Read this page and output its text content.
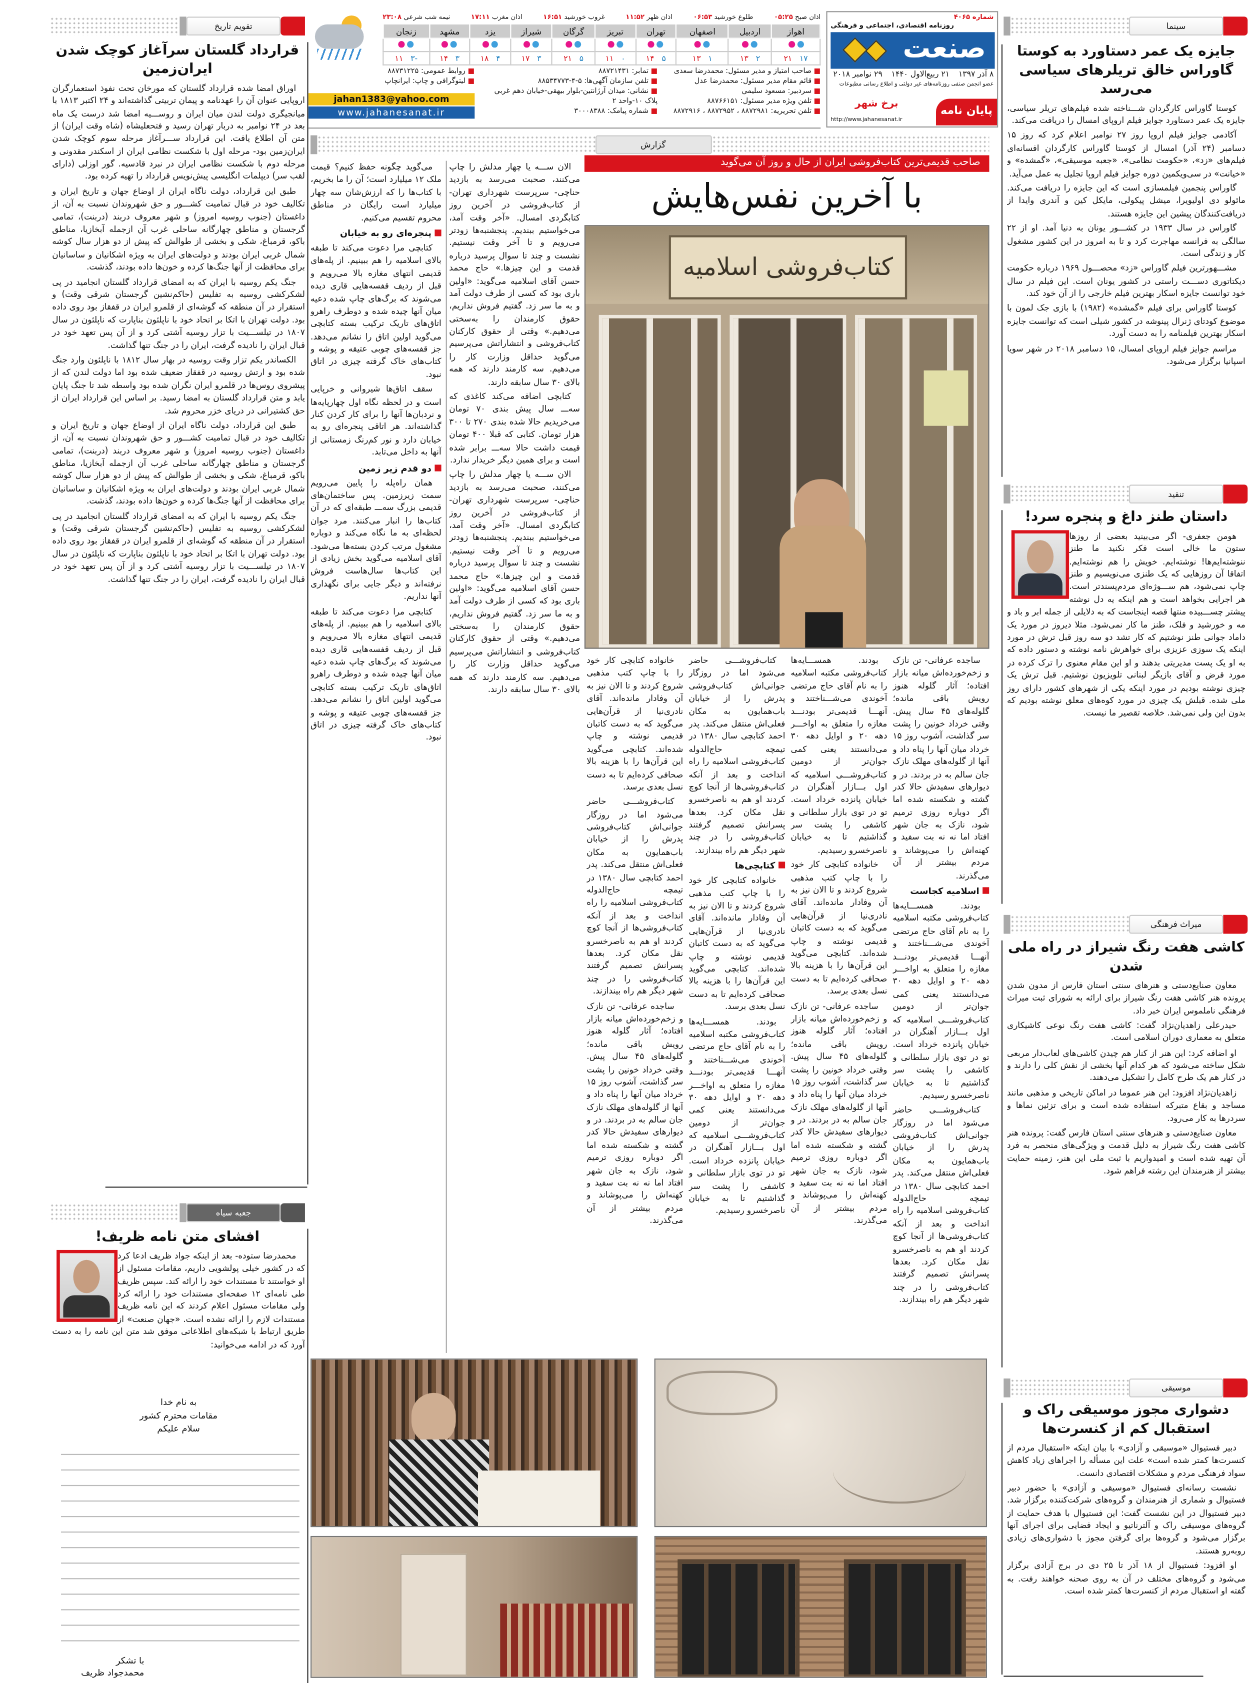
سینما
جایزه یک عمر دستاورد به کوستا گاوراس خالق تریلرهای سیاسی می‌رسد

کوستا گاوراس کارگردان شـــناخته شده فیلم‌های تریلر سیاسی، جایزه یک عمر دستاورد جوایز فیلم اروپای امسال را دریافت می‌کند.

آکادمی جوایز فیلم اروپا روز ۲۷ نوامبر اعلام کرد که روز ۱۵ دسامبر (۲۴ آذر) امسال از کوستا گاوراس کارگردان افسانه‌ای فیلم‌های «زد»، «حکومت نظامی»، «جعبه موسیقی»، «گمشده» و «خیانت» در سی‌ویکمین دوره جوایز فیلم اروپا تجلیل به عمل می‌آید.

گاوراس پنجمین فیلمسازی است که این جایزه را دریافت می‌کند. مائولو دی اولیویرا، میشل پیکولی، مایکل کین و آندری وایدا از دریافت‌کنندگان پیشین این جایزه هستند.

گاوراس در سال ۱۹۳۳ در کشـــور یونان به دنیا آمد. او از ۲۲ سالگی به فرانسه مهاجرت کرد و تا به امروز در این کشور مشغول کار و زندگی است.

مشـــهورترین فیلم گاوراس «زد» محصـــول ۱۹۶۹ درباره حکومت دیکتاتوری دســـت راستی در کشور یونان است. این فیلم در سال خود توانست جایزه اسکار بهترین فیلم خارجی را از آن خود کند.

کوستا گاوراس برای فیلم «گمشده» (۱۹۸۲) با بازی جک لمون با موضوع کودتای ژنرال پینوشه در کشور شیلی است که توانست جایزه اسکار بهترین فیلمنامه را به دست آورد.

مراسم جوایز فیلم اروپای امسال، ۱۵ دسامبر ۲۰۱۸ در شهر سویا اسپانیا برگزار می‌شود.

تنقید
داستان طنز داغ و پنجره سرد!

هومن جعفری- اگر می‌بینید بعضی از روزها ستون ما خالی است فکر نکنید ما طنز ننوشته‌ایم‌ها! نوشته‌ایم. خویش را هم نوشته‌ایم. اتفاقا آن روزهایی که یک طنزی می‌نویسیم و طنز چاپ نمی‌شود، هم ســـوژه‌ای مردم‌پسندتر است. هر اجرایی بخواهد است و هم اینکه یه دل نوشته پیشتر چســـبیده منتها قصه اینجاست که به دلایلی از جمله ابر و باد و مه و خورشید و فلک، طنز ما کار نمی‌شود. مثلا دیروز در مورد یک داماد جوانی طنز نوشتیم که کار تشد دو سه روز قبل ترش در مورد اینکه یک سوزی عزیزی برای خواهرش نامه نوشته و دستور داده که به او یک پست مدیریتی بدهند و او این مقام معنوی را ترک کرده در مورد قرض و آقای بازیگر لبنانی تلویزیون نوشتیم. قبل ترش یک چیزی نوشته بودیم در مورد اینکه یکی از شهرهای کشور دارای روز ملی شده. قبلش یک چیزی در مورد کوه‌های معلق نوشته بودیم که بدون این ولی نمی‌شد. خلاصه تقصیر ما نیست.

میراث فرهنگی
کاشی هفت رنگ شیراز در راه ملی شدن

معاون صنایع‌دستی و هنرهای سنتی استان فارس از مدون شدن پرونده هنر کاشی هفت رنگ شیراز برای ارائه به شورای ثبت میراث فرهنگی ناملموس ایران خبر داد.

حیدرعلی زاهدیان‌نژاد گفت: کاشی هفت رنگ نوعی کاشیکاری متعلق به معماری دوران اسلامی است.

او اضافه کرد: این هنر از کنار هم چیدن کاشی‌های لعاب‌دار مربعی شکل ساخته می‌شود که هر کدام آنها بخشی از نقش کلی را دارند و در کنار هم یک طرح کامل را تشکیل می‌دهند.

زاهدیان‌نژاد افزود: این هنر عموما در اماکن تاریخی و مذهبی مانند مساجد و بقاع متبرکه استفاده شده است و برای تزئین نماها و سردرها به کار می‌رود.

معاون صنایع‌دستی و هنرهای سنتی استان فارس گفت: پرونده هنر کاشی هفت رنگ شیراز به دلیل قدمت و ویژگی‌های منحصر به فرد آن تهیه شده است و امیدواریم با ثبت ملی این هنر، زمینه حمایت بیشتر از هنرمندان این رشته فراهم شود.

موسیقی
دشواری مجوز موسیقی راک و استقبال کم از کنسرت‌ها

دبیر فستیوال «موسیقی و آزادی» با بیان اینکه «استقبال مردم از کنسرت‌ها کمتر شده است» علت این مسأله را اجراهای زیاد کاهش سواد فرهنگی مردم و مشکلات اقتصادی دانست.

نشست رسانه‌ای فستیوال «موسیقی و آزادی» با حضور دبیر فستیوال و شماری از هنرمندان و گروه‌های شرکت‌کننده برگزار شد. دبیر فستیوال در این نشست گفت: این فستیوال با هدف حمایت از گروه‌های موسیقی راک و آلترناتیو و ایجاد فضایی برای اجرای آنها برگزار می‌شود و گروه‌ها برای گرفتن مجوز با دشواری‌های زیادی روبه‌رو هستند.

او افزود: فستیوال از ۱۸ آذر تا ۲۵ دی در برج آزادی برگزار می‌شود و گروه‌های مختلف در آن به روی صحنه خواهند رفت. به گفته او استقبال مردم از کنسرت‌ها کمتر شده است.

شماره ۴۰۶۵
روزنامه اقتصادی، اجتماعی و فرهنگی
صنعت
۸ آذر ۱۳۹۷
۲۱ ربیع‌الاول ۱۴۴۰
۲۹ نوامبر ۲۰۱۸
عضو انجمن صنفی روزنامه‌های غیر دولتی و اطلاع رسانی مطبوعات
پایان نامه
برخ شهر
http://www.jahanesanat.ir
اذان صبح ۰۵:۲۵
طلوع خورشید ۰۶:۵۳
اذان ظهر ۱۱:۵۲
غروب خورشید ۱۶:۵۱
اذان مغرب ۱۷:۱۱
نیمه شب شرعی ۲۳:۰۸
اهواز	اردبیل	اصفهان	تهران	تبریز	گرگان	شیراز	یزد	مشهد	زنجان

۱۷   ۲۱	۲   ۱۳	۱   ۱۳	۵   ۱۴	۰   ۱۱	۵   ۲۱	۳   ۱۷	۴   ۱۸	۳   ۱۴	-۳   ۱۱
■ صاحب امتیاز و مدیر مسئول: محمدرضا سعدی
■ قائم مقام مدیر مسئول: محمدرضا عدل
■ سردبیر: مسعود سلیمی
■ تلفن ویژه مدیر مسئول: ۸۸۷۶۶۱۵۱
■ تلفن تحریریه: ۸۸۷۲۹۸۱ ، ۸۸۷۲۹۵۲ ، ۸۸۷۲۹۱۶
■ تمابر: ۸۸۷۲۱۴۳۱
■ تلفن سازمان آگهی‌ها: ۵-۴-۸۸۵۳۴۷۷۳
■ نشانی: میدان آرژانتین-بلوار بیهقی-خیابان دهم غربی پلاک ۱۰-واحد ۲
■ شماره پیامک: ۳۰۰۰۸۳۸۸
■ روابط عمومی: ۸۸۷۳۱۲۲۵
■ لیتوگرافی و چاپ: ایرانچاپ
jahan1383@yahoo.com
www.jahanesanat.ir
گزارش
صاحب قدیمی‌ترین کتاب‌فروشی ایران از حال و روز آن می‌گوید
با آخرین نفس‌هایش
کتاب‌فروشی اسلامیه

الان ســـه یا چهار مدلش را چاپ می‌کنند، صحبت می‌رسد به بازدید حناچی- سرپرست شهرداری تهران- از کتاب‌فروشی در آخرین روز کتابگردی امسال. «آخر وقت آمد، می‌خواستیم ببندیم. پنجشنبه‌ها زودتر می‌رویم و تا آخر وقت نیستیم. نشست و چند تا سوال پرسید درباره قدمت و این چیزها.» حاج محمد حسن آقای اسلامیه می‌گوید: «اولین باری بود که کسی از طرف دولت آمد و به ما سر زد. گفتیم فروش نداریم، حقوق کارمندان را به‌سختی می‌دهیم.» وقتی از حقوق کارکنان کتاب‌فروشی و انتشاراتش می‌پرسیم می‌گوید حداقل وزارت کار را می‌دهیم. سه کارمند دارند که همه بالای ۳۰ سال سابقه دارند.

کتابچی اضافه می‌کند کاغذی که سه‌ـــ سال پیش بندی ۷۰ تومان می‌خریدیم حالا شده بندی ۲۷۰ تا ۳۰۰ هزار تومان. کتابی که قبلا ۴۰۰ تومان قیمت داشت حالا سه‌ـــ برابر شده است و برای همین دیگر خریدار ندارد.

الان ســـه یا چهار مدلش را چاپ می‌کنند، صحبت می‌رسد به بازدید حناچی- سرپرست شهرداری تهران- از کتاب‌فروشی در آخرین روز کتابگردی امسال. «آخر وقت آمد، می‌خواستیم ببندیم. پنجشنبه‌ها زودتر می‌رویم و تا آخر وقت نیستیم. نشست و چند تا سوال پرسید درباره قدمت و این چیزها.» حاج محمد حسن آقای اسلامیه می‌گوید: «اولین باری بود که کسی از طرف دولت آمد و به ما سر زد. گفتیم فروش نداریم، حقوق کارمندان را به‌سختی می‌دهیم.» وقتی از حقوق کارکنان کتاب‌فروشی و انتشاراتش می‌پرسیم می‌گوید حداقل وزارت کار را می‌دهیم. سه کارمند دارند که همه بالای ۳۰ سال سابقه دارند.

می‌گوید چگونه حفظ کنیم؟ قیمت ملک ۱۲ میلیارد است؛ آن را ما بخریم، با کتاب‌ها را که ارزش‌شان سه چهار میلیارد است رایگان در مناطق محروم تقسیم می‌کنیم.

پنجره‌ای رو به خیابان

کتابچی مرا دعوت می‌کند تا طبقه بالای اسلامیه را هم ببینیم. از پله‌های قدیمی انتهای مغازه بالا می‌رویم و قبل از ردیف قفسه‌هایی قاری دیده می‌شوند که برگ‌های چاپ شده دعیه میان آنها چیده شده و دوطرف راهرو اتاق‌های تاریک ترکیب بسته کتابچی می‌گوید اولین اتاق را نشانم می‌دهد. جز قفسه‌های چوبی عتیقه و پوشه و کتاب‌های خاک گرفته چیزی در اتاق نبود.

سقف اتاق‌ها شیروانی و خرپایی است و در لحظه نگاه اول چهارپایه‌ها و نردبان‌ها آنها را برای کار کردن کنار گذاشته‌اند. هر اتاقی پنجره‌ای رو به خیابان دارد و نور کم‌رنگ زمستانی از آنها به داخل می‌تابد.

دو قدم زیر زمین

همان راه‌پله را پایین می‌رویم سمت زیرزمین. پس ساختمان‌های قدیمی بزرگ سه‌ـــ طبقه‌ای که در آن کتاب‌ها را انبار می‌کنند. مرد جوان لحظه‌ای به ما نگاه می‌کند و دوباره مشغول مرتب کردن بسته‌ها می‌شود. آقای اسلامیه می‌گوید بخش زیادی از این کتاب‌ها سال‌هاست فروش نرفته‌اند و دیگر جایی برای نگهداری آنها نداریم.

کتابچی مرا دعوت می‌کند تا طبقه بالای اسلامیه را هم ببینیم. از پله‌های قدیمی انتهای مغازه بالا می‌رویم و قبل از ردیف قفسه‌هایی قاری دیده می‌شوند که برگ‌های چاپ شده دعیه میان آنها چیده شده و دوطرف راهرو اتاق‌های تاریک ترکیب بسته کتابچی می‌گوید اولین اتاق را نشانم می‌دهد. جز قفسه‌های چوبی عتیقه و پوشه و کتاب‌های خاک گرفته چیزی در اتاق نبود.

ساجده عرفانی- تن نازک و زخم‌خورده‌اش میانه بازار افتاده؛ آثار گلوله هنوز رویش باقی مانده؛ گلوله‌های ۴۵ سال پیش. وقتی خرداد خونین را پشت سر گذاشت، آشوب روز ۱۵ خرداد میان آنها را پناه داد و آنها از گلوله‌های مهلک نازک جان سالم به در بردند. در و دیوارهای سفیدش حالا کدر گشته و شکسته شده اما اگر دوباره روزی ترمیم شود، نازک به جان شهر افتاد اما نه نه بت سفید و کهنه‌اش را می‌پوشاند و مردم بیشتر از آن می‌گذرند.

اسلامیه کجاست

بودند. همســـایه‌ها کتاب‌فروشی مکتبه اسلامیه را به نام آقای حاج مرتضی آخوندی می‌شـــناختند و آنهـــا قدیمی‌تر بودنـــد مغازه را متعلق به اواخـــر دهه ۲۰ و اوایل دهه ۳۰ می‌دانستند یعنی کمی جوان‌تر از دومین کتاب‌فروشـــی اسلامیه که اول بـــازار آهنگران در خیابان پانزده خرداد است. تو در توی بازار سلطانی و کاشفی را پشت سر گذاشتیم تا به خیابان ناصرخسرو رسیدیم.

کتاب‌فروشـــی حاضر می‌شود اما در روزگار جوانی‌اش کتاب‌فروشی پدرش را از خیابان باب‌همایون به مکان فعلی‌اش منتقل می‌کند. پدر احمد کتابچی سال ۱۳۸۰ در تیمچه حاج‌الدوله کتاب‌فروشی اسلامیه را راه انداخت و بعد از آنکه کتاب‌فروشی‌ها از آنجا کوچ کردند او هم به ناصرخسرو نقل مکان کرد. بعدها پسرانش تصمیم گرفتند کتاب‌فروشی را در چند شهر دیگر هم راه بیندازند.

بودند. همســـایه‌ها کتاب‌فروشی مکتبه اسلامیه را به نام آقای حاج مرتضی آخوندی می‌شـــناختند و آنهـــا قدیمی‌تر بودنـــد مغازه را متعلق به اواخـــر دهه ۲۰ و اوایل دهه ۳۰ می‌دانستند یعنی کمی جوان‌تر از دومین کتاب‌فروشـــی اسلامیه که اول بـــازار آهنگران در خیابان پانزده خرداد است. تو در توی بازار سلطانی و کاشفی را پشت سر گذاشتیم تا به خیابان ناصرخسرو رسیدیم.

خانواده کتابچی کار خود را با چاپ کتب مذهبی شروع کردند و تا الان نیز به آن وفادار مانده‌اند. آقای نادری‌نیا از قرآن‌هایی می‌گوید که به دست کاتبان قدیمی نوشته و چاپ شده‌اند. کتابچی می‌گوید این قرآن‌ها را با هزینه بالا صحافی کرده‌ایم تا به دست نسل بعدی برسد.

ساجده عرفانی- تن نازک و زخم‌خورده‌اش میانه بازار افتاده؛ آثار گلوله هنوز رویش باقی مانده؛ گلوله‌های ۴۵ سال پیش. وقتی خرداد خونین را پشت سر گذاشت، آشوب روز ۱۵ خرداد میان آنها را پناه داد و آنها از گلوله‌های مهلک نازک جان سالم به در بردند. در و دیوارهای سفیدش حالا کدر گشته و شکسته شده اما اگر دوباره روزی ترمیم شود، نازک به جان شهر افتاد اما نه نه بت سفید و کهنه‌اش را می‌پوشاند و مردم بیشتر از آن می‌گذرند.

کتاب‌فروشـــی حاضر می‌شود اما در روزگار جوانی‌اش کتاب‌فروشی پدرش را از خیابان باب‌همایون به مکان فعلی‌اش منتقل می‌کند. پدر احمد کتابچی سال ۱۳۸۰ در تیمچه حاج‌الدوله کتاب‌فروشی اسلامیه را راه انداخت و بعد از آنکه کتاب‌فروشی‌ها از آنجا کوچ کردند او هم به ناصرخسرو نقل مکان کرد. بعدها پسرانش تصمیم گرفتند کتاب‌فروشی را در چند شهر دیگر هم راه بیندازند.

کتابچی‌ها

خانواده کتابچی کار خود را با چاپ کتب مذهبی شروع کردند و تا الان نیز به آن وفادار مانده‌اند. آقای نادری‌نیا از قرآن‌هایی می‌گوید که به دست کاتبان قدیمی نوشته و چاپ شده‌اند. کتابچی می‌گوید این قرآن‌ها را با هزینه بالا صحافی کرده‌ایم تا به دست نسل بعدی برسد.

بودند. همســـایه‌ها کتاب‌فروشی مکتبه اسلامیه را به نام آقای حاج مرتضی آخوندی می‌شـــناختند و آنهـــا قدیمی‌تر بودنـــد مغازه را متعلق به اواخـــر دهه ۲۰ و اوایل دهه ۳۰ می‌دانستند یعنی کمی جوان‌تر از دومین کتاب‌فروشـــی اسلامیه که اول بـــازار آهنگران در خیابان پانزده خرداد است. تو در توی بازار سلطانی و کاشفی را پشت سر گذاشتیم تا به خیابان ناصرخسرو رسیدیم.

خانواده کتابچی کار خود را با چاپ کتب مذهبی شروع کردند و تا الان نیز به آن وفادار مانده‌اند. آقای نادری‌نیا از قرآن‌هایی می‌گوید که به دست کاتبان قدیمی نوشته و چاپ شده‌اند. کتابچی می‌گوید این قرآن‌ها را با هزینه بالا صحافی کرده‌ایم تا به دست نسل بعدی برسد.

کتاب‌فروشـــی حاضر می‌شود اما در روزگار جوانی‌اش کتاب‌فروشی پدرش را از خیابان باب‌همایون به مکان فعلی‌اش منتقل می‌کند. پدر احمد کتابچی سال ۱۳۸۰ در تیمچه حاج‌الدوله کتاب‌فروشی اسلامیه را راه انداخت و بعد از آنکه کتاب‌فروشی‌ها از آنجا کوچ کردند او هم به ناصرخسرو نقل مکان کرد. بعدها پسرانش تصمیم گرفتند کتاب‌فروشی را در چند شهر دیگر هم راه بیندازند.

ساجده عرفانی- تن نازک و زخم‌خورده‌اش میانه بازار افتاده؛ آثار گلوله هنوز رویش باقی مانده؛ گلوله‌های ۴۵ سال پیش. وقتی خرداد خونین را پشت سر گذاشت، آشوب روز ۱۵ خرداد میان آنها را پناه داد و آنها از گلوله‌های مهلک نازک جان سالم به در بردند. در و دیوارهای سفیدش حالا کدر گشته و شکسته شده اما اگر دوباره روزی ترمیم شود، نازک به جان شهر افتاد اما نه نه بت سفید و کهنه‌اش را می‌پوشاند و مردم بیشتر از آن می‌گذرند.

تقویم تاریخ
قرارداد گلستان سرآغاز کوچک شدن ایران‌زمین

اوراق امضا شده قرارداد گلستان که مورخان تحت نفوذ استعمارگران اروپایی عنوان آن را عهدنامه و پیمان تربیتی گذاشته‌اند و ۲۴ اکتبر ۱۸۱۳ با میانجیگری دولت لندن میان ایران و روســـیه امضا شد درست یک ماه بعد در ۲۴ نوامبر به دربار تهران رسید و فتحعلیشاه (شاه وقت ایران) از متن آن اطلاع یافت. این قرارداد ســـرآغاز مرحله سوم کوچک شدن ایران‌زمین بود- مرحله اول با شکست نظامی ایران از اسکندر مقدونی و مرحله دوم با شکست نظامی ایران در نبرد قادسیه. گور اوزلی (دارای لقب سر) دیپلمات انگلیسی پیش‌نویس قرارداد را تهیه کرده بود.

طبق این قرارداد، دولت ناگاه ایران از اوضاع جهان و تاریخ ایران و تکالیف خود در قبال تمامیت کشـــور و حق شهروندان نسبت به آن، از داغستان (جنوب روسیه امروز) و شهر معروف دربند (دربنت)، تمامی گرجستان و مناطق چهارگانه ساحلی غرب آن ازجمله آبخازیا، مناطق باکو، قرمباغ، شکی و بخشی از طوالش که پیش از دو هزار سال کوشه شمال غربی ایران بودند و دولت‌های ایران به ویژه اشکانیان و ساسانیان برای محافظت از آنها جنگ‌ها کرده و خون‌ها داده بودند، گذشت.

جنگ یکم روسیه با ایران که به امضای قرارداد گلستان انجامید در پی لشکرکشی روسیه به تفلیس (حاکم‌نشین گرجستان شرقی وقت) و استقرار در آن منطقه که گوشه‌ای از قلمرو ایران در قفقاز بود روی داده بود. دولت تهران با اتکا بر اتحاد خود با ناپلئون بناپارت که ناپلئون در سال ۱۸۰۷ در تیلســـیت با تزار روسیه آشتی کرد و از آن پس تعهد خود در قبال ایران را نادیده گرفت، ایران را در جنگ تنها گذاشت.

الکساندر یکم تزار وقت روسیه در بهار سال ۱۸۱۲ با ناپلئون وارد جنگ شده بود و ارتش روسیه در قفقاز ضعیف شده بود اما دولت لندن که از پیشروی روس‌ها در قلمرو ایران نگران شده بود واسطه شد تا جنگ پایان یابد و متن قرارداد گلستان به امضا رسید. بر اساس این قرارداد ایران از حق کشتیرانی در دریای خزر محروم شد.

طبق این قرارداد، دولت ناگاه ایران از اوضاع جهان و تاریخ ایران و تکالیف خود در قبال تمامیت کشـــور و حق شهروندان نسبت به آن، از داغستان (جنوب روسیه امروز) و شهر معروف دربند (دربنت)، تمامی گرجستان و مناطق چهارگانه ساحلی غرب آن ازجمله آبخازیا، مناطق باکو، قرمباغ، شکی و بخشی از طوالش که پیش از دو هزار سال کوشه شمال غربی ایران بودند و دولت‌های ایران به ویژه اشکانیان و ساسانیان برای محافظت از آنها جنگ‌ها کرده و خون‌ها داده بودند، گذشت.

جنگ یکم روسیه با ایران که به امضای قرارداد گلستان انجامید در پی لشکرکشی روسیه به تفلیس (حاکم‌نشین گرجستان شرقی وقت) و استقرار در آن منطقه که گوشه‌ای از قلمرو ایران در قفقاز بود روی داده بود. دولت تهران با اتکا بر اتحاد خود با ناپلئون بناپارت که ناپلئون در سال ۱۸۰۷ در تیلســـیت با تزار روسیه آشتی کرد و از آن پس تعهد خود در قبال ایران را نادیده گرفت، ایران را در جنگ تنها گذاشت.

جعبه سیاه
افشای متن نامه ظریف!

محمدرضا ستوده- بعد از اینکه جواد ظریف ادعا کرد که در کشور خیلی پولشویی داریم، مقامات مسئول از او خواستند تا مستندات خود را ارائه کند. سپس ظریف طی نامه‌ای ۱۲ صفحه‌ای مستندات خود را ارائه کرد ولی مقامات مسئول اعلام کردند که این نامه ظریف مستندات لازم را ارائه نشده است. «جهان صنعت» از طریق ارتباط با شبکه‌های اطلاعاتی موفق شد متن این نامه را به دست آورد که در ادامه می‌خوانید:

به نام خدا
مقامات محترم کشور
سلام علیکم
با تشکر
محمدجواد ظریف
